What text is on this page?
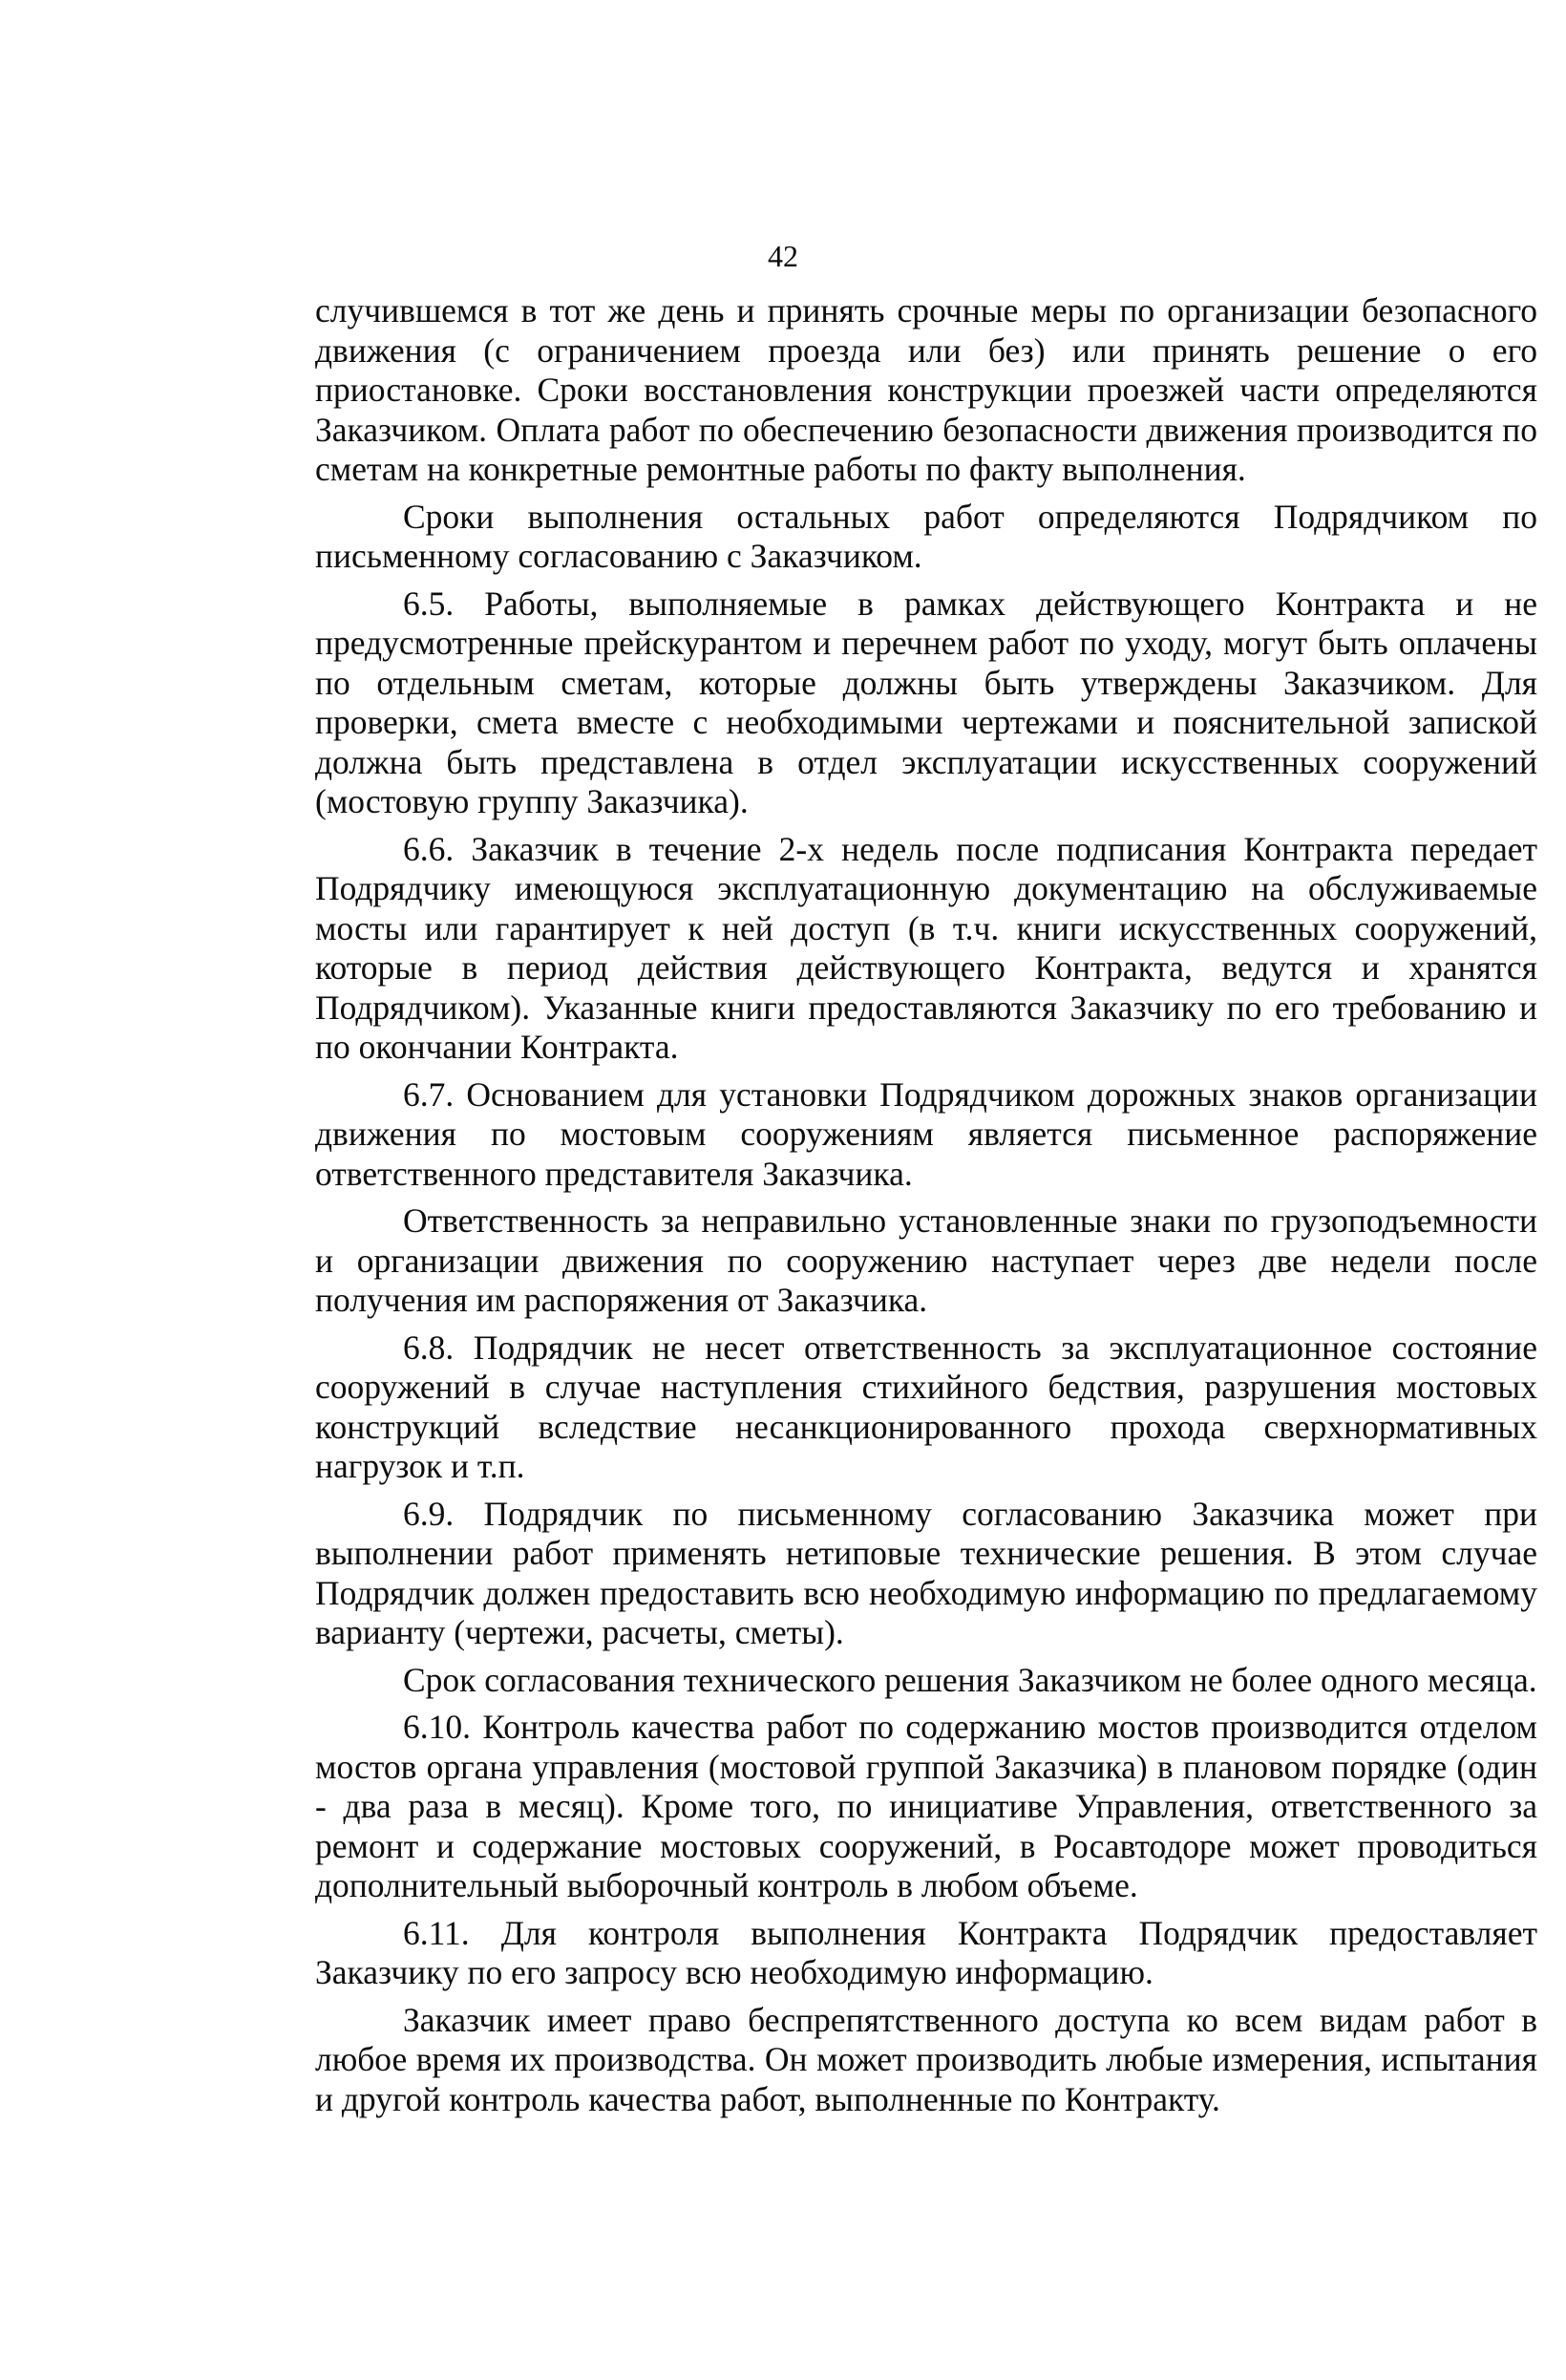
42

случившемся в тот же день и принять срочные меры по организации безопасного движения (с ограничением проезда или без) или принять решение о его приостановке. Сроки восстановления конструкции проезжей части определяются Заказчиком. Оплата работ по обеспечению безопасности движения производится по сметам на конкретные ремонтные работы по факту выполнения.

Сроки выполнения остальных работ определяются Подрядчиком по письменному согласованию с Заказчиком.

6.5. Работы, выполняемые в рамках действующего Контракта и не предусмотренные прейскурантом и перечнем работ по уходу, могут быть оплачены по отдельным сметам, которые должны быть утверждены Заказчиком. Для проверки, смета вместе с необходимыми чертежами и пояснительной запиской должна быть представлена в отдел эксплуатации искусственных сооружений (мостовую группу Заказчика).

6.6. Заказчик в течение 2-х недель после подписания Контракта передает Подрядчику имеющуюся эксплуатационную документацию на обслуживаемые мосты или гарантирует к ней доступ (в т.ч. книги искусственных сооружений, которые в период действия действующего Контракта, ведутся и хранятся Подрядчиком). Указанные книги предоставляются Заказчику по его требованию и по окончании Контракта.

6.7. Основанием для установки Подрядчиком дорожных знаков организации движения по мостовым сооружениям является письменное распоряжение ответственного представителя Заказчика.

Ответственность за неправильно установленные знаки по грузоподъемности и организации движения по сооружению наступает через две недели после получения им распоряжения от Заказчика.

6.8. Подрядчик не несет ответственность за эксплуатационное состояние сооружений в случае наступления стихийного бедствия, разрушения мостовых конструкций вследствие несанкционированного прохода сверхнормативных нагрузок и т.п.

6.9. Подрядчик по письменному согласованию Заказчика может при выполнении работ применять нетиповые технические решения. В этом случае Подрядчик должен предоставить всю необходимую информацию по предлагаемому варианту (чертежи, расчеты, сметы).

Срок согласования технического решения Заказчиком не более одного месяца.

6.10. Контроль качества работ по содержанию мостов производится отделом мостов органа управления (мостовой группой Заказчика) в плановом порядке (один - два раза в месяц). Кроме того, по инициативе Управления, ответственного за ремонт и содержание мостовых сооружений, в Росавтодоре может проводиться дополнительный выборочный контроль в любом объеме.

6.11. Для контроля выполнения Контракта Подрядчик предоставляет Заказчику по его запросу всю необходимую информацию.

Заказчик имеет право беспрепятственного доступа ко всем видам работ в любое время их производства. Он может производить любые измерения, испытания и другой контроль качества работ, выполненные по Контракту.
